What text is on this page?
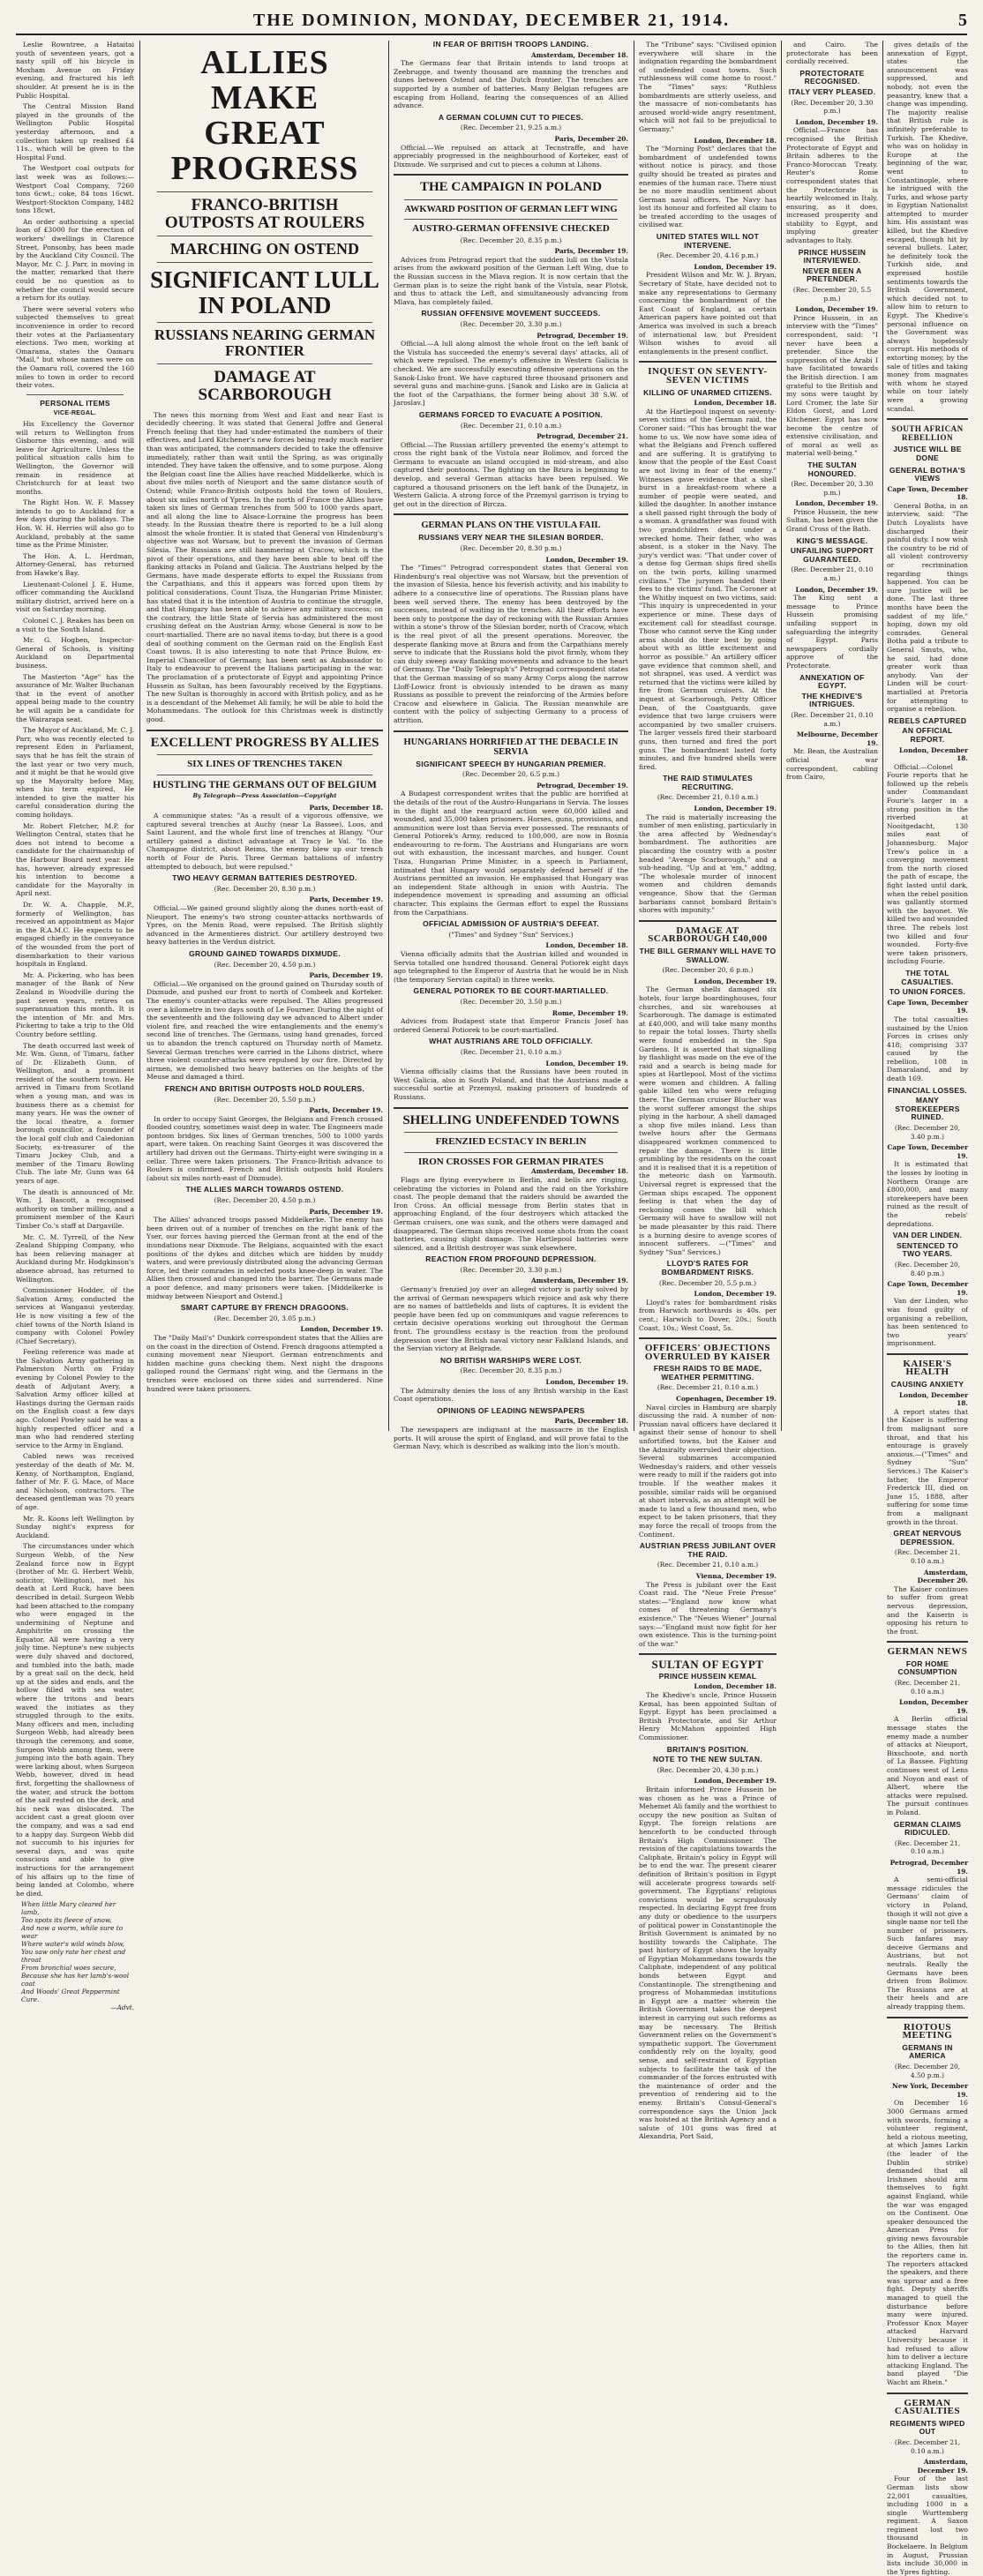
THE DOMINION, MONDAY, DECEMBER 21, 1914.	5

Leslie Rowntree, a Hataitai youth of seventeen years, got a nasty spill off his bicycle in Moxham Avenue on Friday evening, and fractured his left shoulder. At present he is in the Public Hospital.

The Central Mission Band played in the grounds of the Wellington Public Hospital yesterday afternoon, and a collection taken up realised £4 11s., which will be given to the Hospital Fund.

The Westport coal outputs for last week was as follows:—Westport Coal Company, 7260 tons 6cwt.; coke, 84 tons 16cwt. Westport-Stockton Company, 1482 tons 18cwt.

An order authorising a special loan of £3000 for the erection of workers' dwellings in Clarence Street, Ponsonby, has been made by the Auckland City Council. The Mayor, Mr. C. J. Parr, in moving in the matter, remarked that there could be no question as to whether the council would secure a return for its outlay.

There were several voters who subjected themselves to great inconvenience in order to record their votes at the Parliamentary elections. Two men, working at Omarama, states the Oamaru "Mail," but whose names were on the Oamaru roll, covered the 160 miles to town in order to record their votes.

PERSONAL ITEMS
VICE-REGAL.

His Excellency the Governor will return to Wellington from Gisborne this evening, and will leave for Agriculture. Unless the political situation calls him to Wellington, the Governor will remain in residence at Christchurch for at least two months.

The Right Hon. W. F. Massey intends to go to Auckland for a few days during the holidays. The Hon. W. H. Herries will also go to Auckland, probably at the same time as the Prime Minister.

The Hon. A. L. Herdman, Attorney-General, has returned from Hawke's Bay.

Lieutenant-Colonel J. E. Hume, officer commanding the Auckland military district, arrived here on a visit on Saturday morning.

Colonel C. J. Reakes has been on a visit to the South Island.

Mr. G. Hogben, Inspector-General of Schools, is visiting Auckland on Departmental business.

The Masterton "Age" has the assurance of Mr. Walter Buchanan that in the event of another appeal being made to the country he will again be a candidate for the Wairarapa seat.

The Mayor of Auckland, Mr. C. J. Parr, who was recently elected to represent Eden in Parliament, says that he has felt the strain of the last year or two very much, and it might be that he would give up the Mayoralty before May, when his term expired. He intended to give the matter his careful consideration during the coming holidays.

Mr. Robert Fletcher, M.P. for Wellington Central, states that he does not intend to become a candidate for the chairmanship of the Harbour Board next year. He has, however, already expressed his intention to become a candidate for the Mayoralty in April next.

Dr. W. A. Chapple, M.P., formerly of Wellington, has received an appointment as Major in the R.A.M.C. He expects to be engaged chiefly in the conveyance of the wounded from the port of disembarkation to their various hospitals in England.

Mr. A. Pickering, who has been manager of the Bank of New Zealand in Woodville during the past seven years, retires on superannuation this month. It is the intention of Mr. and Mrs. Pickering to take a trip to the Old Country before settling.

The death occurred last week of Mr. Wm. Gunn, of Timaru, father of Dr. Elizabeth Gunn, of Wellington, and a prominent resident of the southern town. He arrived in Timaru from Scotland when a young man, and was in business there as a chemist for many years. He was the owner of the local theatre, a former borough councillor, a founder of the local golf club and Caledonian Society, ex-treasurer of the Timaru Jockey Club, and a member of the Timaru Bowling Club. The late Mr. Gunn was 64 years of age.

The death is announced of Mr. Wm. J. Bascott, a recognised authority on timber milling, and a prominent member of the Kauri Timber Co.'s staff at Dargaville.

Mr. C. M. Tyrrell, of the New Zealand Shipping Company, who has been relieving manager at Auckland during Mr. Hodgkinson's absence abroad, has returned to Wellington.

Commissioner Hodder, of the Salvation Army, conducted the services at Wanganui yesterday. He is now visiting a few of the chief towns of the North Island in company with Colonel Powley (Chief Secretary).

Feeling reference was made at the Salvation Army gathering in Palmerston North on Friday evening by Colonel Powley to the death of Adjutant Avery, a Salvation Army officer killed at Hastings during the German raids on the English coast a few days ago. Colonel Powley said he was a highly respected officer and a man who had rendered sterling service to the Army in England.

Cabled news was received yesterday of the death of Mr. M. Kenny, of Northampton, England, father of Mr. F. G. Mace, of Mace and Nicholson, contractors. The deceased gentleman was 70 years of age.

Mr. R. Koons left Wellington by Sunday night's express for Auckland.

The circumstances under which Surgeon Webb, of the New Zealand force now in Egypt (brother of Mr. G. Herbert Webb, solicitor, Wellington), met his death at Lord Ruck, have been described in detail. Surgeon Webb had been attached to the company who were engaged in the undermining of Neptune and Amphitrite on crossing the Equator. All were having a very jolly time. Neptune's new subjects were duly shaved and doctored, and tumbled into the bath, made by a great sail on the deck, held up at the sides and ends, and the hollow filled with sea water, where the tritons and bears waved the initiates as they struggled through to the exits. Many officers and men, including Surgeon Webb, had already been through the ceremony, and some, Surgeon Webb among them, were jumping into the bath again. They were larking about, when Surgeon Webb, however, dived in head first, forgetting the shallowness of the water, and struck the bottom of the sail rested on the deck, and his neck was dislocated. The accident cast a great gloom over the company, and was a sad end to a happy day. Surgeon Webb did not succumb to his injuries for several days, and was quite conscious and able to give instructions for the arrangement of his affairs up to the time of being landed at Colombo, where he died.

When little Mary cleared her lamb,
Too spots its fleece of snow,
And now a worm, while sure to wear
Where water's wild winds blow,
You saw only rate her chest and throat
From bronchial woes secure,
Because she has her lamb's-wool coat
And Woods' Great Peppermint Cure.
—Advt.
ALLIES MAKE GREAT PROGRESS
FRANCO-BRITISH OUTPOSTS AT ROULERS
MARCHING ON OSTEND
SIGNIFICANT LULL IN POLAND
RUSSIANS NEARING GERMAN FRONTIER
DAMAGE AT SCARBOROUGH

The news this morning from West and East and near East is decidedly cheering. It was stated that General Joffre and General French feeling that they had under-estimated the numbers of their effectives, and Lord Kitchener's new forces being ready much earlier than was anticipated, the commanders decided to take the offensive immediately, rather than wait until the Spring, as was originally intended. They have taken the offensive, and to some purpose. Along the Belgian coast line the Allies have reached Middelkerke, which is about five miles north of Nieuport and the same distance south of Ostend; while Franco-British outposts hold the town of Roulers, about six miles north of Ypres. In the north of France the Allies have taken six lines of German trenches from 500 to 1000 yards apart, and all along the line to Alsace-Lorraine the progress has been steady. In the Russian theatre there is reported to be a lull along almost the whole frontier. It is stated that General von Hindenburg's objective was not Warsaw, but to prevent the invasion of German Silesia. The Russians are still hammering at Cracow, which is the pivot of their operations, and they have been able to beat off the flanking attacks in Poland and Galicia. The Austrians helped by the Germans, have made desperate efforts to expel the Russians from the Carpathians, and this it appears was forced upon them by political considerations. Count Tisza, the Hungarian Prime Minister, has stated that it is the intention of Austria to continue the struggle, and that Hungary has been able to achieve any military success; on the contrary, the little State of Servia has administered the most crushing defeat on the Austrian Army, whose General is now to be court-martialled. There are no naval items to-day, but there is a good deal of soothing comment on the German raid on the English East Coast towns. It is also interesting to note that Prince Bulow, ex-Imperial Chancellor of Germany, has been sent as Ambassador to Italy to endeavour to prevent the Italians participating in the war. The proclamation of a protectorate of Egypt and appointing Prince Hussein as Sultan, has been favourably received by the Egyptians. The new Sultan is thoroughly in accord with British policy, and as he is a descendant of the Mehemet Ali family, he will be able to hold the Mohammedans. The outlook for this Christmas week is distinctly good.

EXCELLENT PROGRESS BY ALLIES
SIX LINES OF TRENCHES TAKEN
HUSTLING THE GERMANS OUT OF BELGIUM
By Telegraph—Press Association—Copyright
Paris, December 18.

A communique states: "As a result of a vigorous offensive, we captured several trenches at Auchy (near La Bassee), Loos, and Saint Laurent, and the whole first line of trenches at Blangy. "Our artillery gained a distinct advantage at Tracy le Val. "In the Champagne district, about Reims, the enemy blew up our trench north of Four de Paris. Three German battalions of infantry attempted to debouch, but were repulsed."

TWO HEAVY GERMAN BATTERIES DESTROYED.
(Rec. December 20, 8.30 p.m.)
Paris, December 19.

Official.—We gained ground slightly along the dunes north-east of Nieuport. The enemy's two strong counter-attacks northwards of Ypres, on the Menin Road, were repulsed. The British slightly advanced in the Armentieres district. Our artillery destroyed two heavy batteries in the Verdun district.

GROUND GAINED TOWARDS DIXMUDE.
(Rec. December 20, 4.50 p.m.)
Paris, December 19.

Official.—We organised on the ground gained on Thursday south of Dixmude, and pushed our front to north of Combeek and Korteker. The enemy's counter-attacks were repulsed. The Allies progressed over a kilometre in two days south of Le Fourner. During the night of the seventeenth and the following day we advanced to Albert under violent fire, and reached the wire entanglements and the enemy's second line of trenches. The Germans, using hand grenades, forced us to abandon the trench captured on Thursday north of Mametz. Several German trenches were carried in the Lihons district, where three violent counter-attacks were repulsed by our fire. Directed by airmen, we demolished two heavy batteries on the heights of the Meuse and damaged a third.

FRENCH AND BRITISH OUTPOSTS HOLD ROULERS.
(Rec. December 20, 5.50 p.m.)
Paris, December 19.

In order to occupy Saint Georges, the Belgians and French crossed flooded country, sometimes waist deep in water. The Engineers made pontoon bridges. Six lines of German trenches, 500 to 1000 yards apart, were taken. On reaching Saint Georges it was discovered the artillery had driven out the Germans. Thirty-eight were swinging in a cellar. Three were taken prisoners. The Franco-British advance to Roulers is confirmed. French and British outposts hold Roulers (about six miles north-east of Dixmude).

THE ALLIES MARCH TOWARDS OSTEND.
(Rec. December 20, 4.50 p.m.)
Paris, December 19.

The Allies' advanced troops passed Middelkerke. The enemy has been driven out of a number of trenches on the right bank of the Yser, our forces having pierced the German front at the end of the inundations near Dixmude. The Belgians, acquainted with the exact positions of the dykes and ditches which are hidden by muddy waters, and were previously distributed along the advancing German force, led their comrades in selected posts knee-deep in water. The Allies then crossed and changed into the barrier. The Germans made a poor defence, and many prisoners were taken. [Middelkerke is midway between Nieuport and Ostend.]

SMART CAPTURE BY FRENCH DRAGOONS.
(Rec. December 20, 3.05 p.m.)
London, December 19.

The "Daily Mail's" Dunkirk correspondent states that the Allies are on the coast in the direction of Ostend. French dragoons attempted a cunning movement near Nieuport. German entrenchments and hidden machine guns checking them. Next night the dragoons galloped round the Germans' right wing, and the Germans in the trenches were enclosed on three sides and surrendered. Nine hundred were taken prisoners.

IN FEAR OF BRITISH TROOPS LANDING.
Amsterdam, December 18.

The Germans fear that Britain intends to land troops at Zeebrugge, and twenty thousand are manning the trenches and dunes between Ostend and the Dutch frontier. The trenches are supported by a number of batteries. Many Belgian refugees are escaping from Holland, fearing the consequences of an Allied advance.

A GERMAN COLUMN CUT TO PIECES.
(Rec. December 21, 9.25 a.m.)
Paris, December 20.

Official.—We repulsed an attack at Tecnstraffe, and have appreciably progressed in the neighbourhood of Korteker, east of Dixmude. We surprised and cut to pieces a column at Lihons.

THE CAMPAIGN IN POLAND
AWKWARD POSITION OF GERMAN LEFT WING
AUSTRO-GERMAN OFFENSIVE CHECKED
(Rec. December 20, 8.35 p.m.)
Paris, December 19.

Advices from Petrograd report that the sudden lull on the Vistula arises from the awkward position of the German Left Wing, due to the Russian success in the Mlava region. It is now certain that the German plan is to seize the right bank of the Vistula, near Plotsk, and thus to attack the Left, and simultaneously advancing from Mlava, has completely failed.

RUSSIAN OFFENSIVE MOVEMENT SUCCEEDS.
(Rec. December 20, 3.30 p.m.)
Petrograd, December 19.

Official.—A lull along almost the whole front on the left bank of the Vistula has succeeded the enemy's several days' attacks, all of which were repulsed. The enemy's offensive in Western Galicia is checked. We are successfully executing offensive operations on the Sanok-Lisko front. We have captured three thousand prisoners and several guns and machine-guns. [Sanok and Lisko are in Galicia at the foot of the Carpathians, the former being about 38 S.W. of Jaroslav.]

GERMANS FORCED TO EVACUATE A POSITION.
(Rec. December 21, 0.10 a.m.)
Petrograd, December 21.

Official.—The Russian artillery prevented the enemy's attempt to cross the right bank of the Vistula near Bolimov, and forced the Germans to evacuate an island occupied in mid-stream, and also captured their pontoons. The fighting on the Bzura is beginning to develop, and several German attacks have been repulsed. We captured a thousand prisoners on the left bank of the Dunajetz, in Western Galicia. A strong force of the Przemysl garrison is trying to get out in the direction of Bircza.

GERMAN PLANS ON THE VISTULA FAIL
RUSSIANS VERY NEAR THE SILESIAN BORDER.
(Rec. December 20, 8.30 p.m.)
London, December 19.

The "Times'" Petrograd correspondent states that General von Hindenburg's real objective was not Warsaw, but the prevention of the invasion of Silesia, hence his feverish activity, and his inability to adhere to a consecutive line of operations. The Russian plans have been well served there. The enemy has been destroyed by the successes, instead of waiting in the trenches. All their efforts have been only to postpone the day of reckoning with the Russian Armies within a stone's throw of the Silesian border, north of Cracow, which is the real pivot of all the present operations. Moreover, the desperate flanking move at Bzura and from the Carpathians merely serve to indicate that the Russians hold the pivot firmly, whom they can duly sweep away flanking movements and advance to the heart of Germany. The "Daily Telegraph's" Petrograd correspondent states that the German massing of so many Army Corps along the narrow Lloff-Lowicz front is obviously intended to be drawn as many Russians as possible to prevent the reinforcing of the Armies before Cracow and elsewhere in Galicia. The Russian meanwhile are content with the policy of subjecting Germany to a process of attrition.

HUNGARIANS HORRIFIED AT THE DEBACLE IN SERVIA
SIGNIFICANT SPEECH BY HUNGARIAN PREMIER.
(Rec. December 20, 6.5 p.m.)
Petrograd, December 19.

A Budapest correspondent writes that the public are horrified at the details of the rout of the Austro-Hungarians in Servia. The losses in the flight and the rearguard action were 60,000 killed and wounded, and 35,000 taken prisoners. Horses, guns, provisions, and ammunition were lost than Servia ever possessed. The remnants of General Potiorek's Army, reduced to 100,000, are now in Bosnia endeavouring to re-form. The Austrians and Hungarians are worn out with exhaustion, the incessant marches, and hunger. Count Tisza, Hungarian Prime Minister, in a speech in Parliament, intimated that Hungary would separately defend herself if the Austrians permitted an invasion. He emphasised that Hungary was an independent State although in union with Austria. The independence movement is spreading and assuming an official character. This explains the German effort to expel the Russians from the Carpathians.

OFFICIAL ADMISSION OF AUSTRIA'S DEFEAT.
("Times" and Sydney "Sun" Services.)
London, December 18.

Vienna officially admits that the Austrian killed and wounded in Servia totalled one hundred thousand. General Potiorek eight days ago telegraphed to the Emperor of Austria that he would be in Nish (the temporary Servian capital) in three weeks.

GENERAL POTIOREK TO BE COURT-MARTIALLED.
(Rec. December 20, 3.50 p.m.)
Rome, December 19.

Advices from Budapest state that Emperor Francis Josef has ordered General Potiorek to be court-martialled.

WHAT AUSTRIANS ARE TOLD OFFICIALLY.
(Rec. December 21, 0.10 a.m.)
London, December 19.

Vienna officially claims that the Russians have been routed in West Galicia, also in South Poland, and that the Austrians made a successful sortie at Przemysl, making prisoners of hundreds of Russians.

SHELLING UNDEFENDED TOWNS
FRENZIED ECSTACY IN BERLIN
IRON CROSSES FOR GERMAN PIRATES
Amsterdam, December 18.

Flags are flying everywhere in Berlin, and bells are ringing, celebrating the victories in Poland and the raid on the Yorkshire coast. The people demand that the raiders should be awarded the Iron Cross. An official message from Berlin states that in approaching England, of the four destroyers which attacked the German cruisers, one was sunk, and the others were damaged and disappeared. The German ships received some shots from the coast batteries, causing slight damage. The Hartlepool batteries were silenced, and a British destroyer was sunk elsewhere.

REACTION FROM PROFOUND DEPRESSION.
(Rec. December 20, 3.30 p.m.)
Amsterdam, December 19.

Germany's frenzied joy over an alleged victory is partly solved by the arrival of German newspapers which rejoice and ask why there are no names of battlefields and lists of captures. It is evident the people have been fed up on communiques and vague references to certain decisive operations working out throughout the German front. The groundless ecstasy is the reaction from the profound depression over the British naval victory near Falkland Islands, and the Servian victory at Belgrade.

NO BRITISH WARSHIPS WERE LOST.
(Rec. December 20, 8.35 p.m.)
London, December 19.

The Admiralty denies the loss of any British warship in the East Coast operations.

OPINIONS OF LEADING NEWSPAPERS
Paris, December 18.

The newspapers are indignant at the massacre in the English ports. It will arouse the spirit of England, and will prove fatal to the German Navy, which is described as walking into the lion's mouth.

The "Tribune" says: "Civilised opinion everywhere will share in the indignation regarding the bombardment of undefended coast towns. Such ruthlessness will come home to roost." The "Times" says: "Ruthless bombardments are utterly useless, and the massacre of non-combatants has aroused world-wide angry resentment, which will not fail to be prejudicial to Germany."

London, December 18.

The "Morning Post" declares that the bombardment of undefended towns without notice is piracy, and those guilty should be treated as pirates and enemies of the human race. There must be no more maudlin sentiment about German naval officers. The Navy has lost its honour and forfeited all claim to be treated according to the usages of civilised war.

UNITED STATES WILL NOT INTERVENE.
(Rec. December 20, 4.16 p.m.)
London, December 19.

President Wilson and Mr. W. J. Bryan, Secretary of State, have decided not to make any representations to Germany concerning the bombardment of the East Coast of England, as certain American papers have pointed out that America was involved in such a breach of international law, but President Wilson wishes to avoid all entanglements in the present conflict.

INQUEST ON SEVENTY-SEVEN VICTIMS
KILLING OF UNARMED CITIZENS.
London, December 18.

At the Hartlepool inquest on seventy-seven victims of the German raid, the Coroner said: "This has brought the war home to us. We now have some idea of what the Belgians and French suffered and are suffering. It is gratifying to know that the people of the East Coast are not living in fear of the enemy." Witnesses gave evidence that a shell burst in a breakfast-room where a number of people were seated, and killed the daughter. In another instance a shell passed right through the body of a woman. A grandfather was found with two grandchildren dead under a wrecked home. Their father, who was absent, is a stoker in the Navy. The jury's verdict was: "That under cover of a dense fog German ships fired shells on the twin ports, killing unarmed civilians." The jurymen handed their fees to the victims' fund. The Coroner at the Whitby inquest on two victims, said: "This inquiry is unprecedented in your experience or mine. These days of excitement call for steadfast courage. Those who cannot serve the King under arms should do their best by going about with as little excitement and horror as possible." An artillery officer gave evidence that common shell, and not shrapnel, was used. A verdict was returned that the victims were killed by fire from German cruisers. At the inquest at Scarborough, Petty Officer Dean, of the Coastguards, gave evidence that two large cruisers were accompanied by two smaller cruisers. The larger vessels fired their starboard guns, then turned and fired the port guns. The bombardment lasted forty minutes, and five hundred shells were fired.

THE RAID STIMULATES RECRUITING.
(Rec. December 21, 0.10 a.m.)
London, December 19.

The raid is materially increasing the number of men enlisting, particularly in the area affected by Wednesday's bombardment. The authorities are placarding the country with a poster headed "Avenge Scarborough," and a sub-heading, "Up and at 'em," adding, "The wholesale murder of innocent women and children demands vengeance. Show that the German barbarians cannot bombard Britain's shores with impunity."

DAMAGE AT SCARBOROUGH £40,000
THE BILL GERMANY WILL HAVE TO SWALLOW.
(Rec. December 20, 6 p.m.)
London, December 19.

The German shells damaged six hotels, four large boardinghouses, four churches, and six warehouses at Scarborough. The damage is estimated at £40,000, and will take many months to repair the total losses. Thirty shells were found embedded in the Spa Gardens. It is asserted that signalling by flashlight was made on the eve of the raid and a search is being made for spies at Hartlepool. Most of the victims were women and children. A falling gable killed ten who were refuging there. The German cruiser Blucher was the worst sufferer amongst the ships plying in the harbour. A shell damaged a shop five miles inland. Less than twelve hours after the Germans disappeared workmen commenced to repair the damage. There is little grumbling by the residents on the coast and it is realised that it is a repetition of the meteoric dash on Yarmouth. Universal regret is expressed that the German ships escaped. The opponent feeling is that when the day of reckoning comes the bill which Germany will have to swallow will not be made pleasanter by this raid. There is a burning desire to avenge scores of innocent sufferers. —("Times" and Sydney "Sun" Services.)

LLOYD'S RATES FOR BOMBARDMENT RISKS.
(Rec. December 20, 5.5 p.m.)
London, December 19.

Lloyd's rates for bombardment risks from Harwich northwards is 40s. per cent.; Harwich to Dover, 20s.; South Coast, 10s.; West Coast, 5s.

OFFICERS' OBJECTIONS OVERRULED BY KAISER
FRESH RAIDS TO BE MADE, WEATHER PERMITTING.
(Rec. December 21, 0.10 a.m.)
Copenhagen, December 19.

Naval circles in Hamburg are sharply discussing the raid. A number of non-Prussian naval officers have declared it against their sense of honour to shell unfortified towns, but the Kaiser and the Admiralty overruled their objection. Several submarines accompanied Wednesday's raiders, and other vessels were ready to mill if the raiders got into trouble. If the weather makes it possible, similar raids will be organised at short intervals, as an attempt will be made to land a few thousand men, who expect to be taken prisoners, that they may force the recall of troops from the Continent.

AUSTRIAN PRESS JUBILANT OVER THE RAID.
(Rec. December 21, 0.10 a.m.)
Vienna, December 19.

The Press is jubilant over the East Coast raid. The "Neue Freie Presse" states:—"England now know what comes of threatening Germany's existence." The "Neues Wiener" Journal says:—"England must now fight for her own existence. This is the turning-point of the war."

SULTAN OF EGYPT
PRINCE HUSSEIN KEMAL
London, December 18.

The Khedive's uncle, Prince Hussein Kemal, has been appointed Sultan of Egypt. Egypt has been proclaimed a British Protectorate, and Sir Arthur Henry McMahon appointed High Commissioner.

BRITAIN'S POSITION.
NOTE TO THE NEW SULTAN.
(Rec. December 20, 4.30 p.m.)
London, December 19.

Britain informed Prince Hussein he was chosen as he was a Prince of Mehemet Ali family and the worthiest to occupy the new position as Sultan of Egypt. The foreign relations are henceforth to be conducted through Britain's High Commissioner. The revision of the capitulations towards the Caliphate, Britain's policy in Egypt will be to end the war. The present clearer definition of Britain's position in Egypt will accelerate progress towards self-government. The Egyptians' religious convictions would be scrupulously respected. In declaring Egypt free from any duty or obedience to the usurpers of political power in Constantinople the British Government is animated by no hostility towards the Caliphate. The past history of Egypt shows the loyalty of Egyptian Mohammedans towards the Caliphate, independent of any political bonds between Egypt and Constantinople. The strengthening and progress of Mohammedan institutions in Egypt are a matter wherein the British Government takes the deepest interest in carrying out such reforms as may be necessary. The British Government relies on the Government's sympathetic support. The Government confidently rely on the loyalty, good sense, and self-restraint of Egyptian subjects to facilitate the task of the commander of the forces entrusted with the maintenance of order and the prevention of rendering aid to the enemy. Britain's Consul-General's correspondence says the Union Jack was hoisted at the British Agency and a salute of 101 guns was fired at Alexandria, Port Said,

and Cairo. The protectorate has been cordially received.

PROTECTORATE RECOGNISED.
ITALY VERY PLEASED.
(Rec. December 20, 3.30 p.m.)
London, December 19.

Official.—France has recognised the British Protectorate of Egypt and Britain adheres to the Franco-Moroccan Treaty. Reuter's Rome correspondent states that the Protectorate is heartily welcomed in Italy, ensuring, as it does, increased prosperity and stability to Egypt, and implying greater advantages to Italy.

PRINCE HUSSEIN INTERVIEWED.
NEVER BEEN A PRETENDER.
(Rec. December 20, 5.5 p.m.)
London, December 19.

Prince Hussein, in an interview with the "Times" correspondent, said: "I never have been a pretender. Since the suppression of the Arabi I have facilitated towards the British direction. I am grateful to the British and my sons were taught by Lord Cromer, the late Sir Eldon Gorst, and Lord Kitchener. Egypt has now become the centre of extensive civilisation, and of moral as well as material well-being."

THE SULTAN HONOURED.
(Rec. December 20, 3.30 p.m.)
London, December 19.

Prince Hussein, the new Sultan, has been given the Grand Cross of the Bath.

KING'S MESSAGE.
UNFAILING SUPPORT GUARANTEED.
(Rec. December 21, 0.10 a.m.)
London, December 19.

The King sent a message to Prince Hussein promising unfailing support in safeguarding the integrity of Egypt. Paris newspapers cordially approve of the Protectorate.

ANNEXATION OF EGYPT.
THE KHEDIVE'S INTRIGUES.
(Rec. December 21, 0.10 a.m.)
Melbourne, December 19.

Mr. Bean, the Australian official war correspondent, cabling from Cairo,

gives details of the annexation of Egypt, states the announcement was suppressed, and nobody, not even the peasantry, knew that a change was impending. The majority realise that British rule is infinitely preferable to Turkish. The Khedive, who was on holiday in Europe at the beginning of the war, went to Constantinople, where he intrigued with the Turks, and whose party in Egyptian Nationalist attempted to murder him. His assistant was killed, but the Khedive escaped, though hit by several bullets. Later, he definitely took the Turkish side, and expressed hostile sentiments towards the British Government, which decided not to allow him to return to Egypt. The Khedive's personal influence on the Government was always hopelessly corrupt. His methods of extorting money, by the sale of titles and taking money from magnates with whom he stayed while on tour lately were a growing scandal.

SOUTH AFRICAN REBELLION
JUSTICE WILL BE DONE
GENERAL BOTHA'S VIEWS
Cape Town, December 18.

General Botha, in an interview, said: "The Dutch Loyalists have discharged their painful duty. I now wish the country to be rid of all violent controversy or recrimination regarding things happened. You can be sure justice will be done. The last three months have been the saddest of my life," hoping, down my old comrades. General Botha paid a tribute to General Smuts, who, he said, had done greater work than anybody. Van der Linden will be court-martialled at Pretoria for attempting to organise a rebellion.

REBELS CAPTURED
AN OFFICIAL REPORT.
London, December 18.

Official.—Colonel Fourie reports that he followed up the rebels under Commandant Fourie's larger in a strong position in the riverbed at Nooitgedacht, 130 miles east of Johannesburg. Major Trew's police in a converging movement from the north closed the path of escape, the fight lasted until dark, when the rebel position was gallantly stormed with the bayonet. We killed two and wounded three. The rebels lost two killed and four wounded. Forty-five were taken prisoners, including Fourie.

THE TOTAL CASUALTIES.
TO UNION FORCES.
Cape Town, December 19.

The total casualties sustained by the Union Forces in crises only 418; comprising 337 caused by the rebellion, 108 in Damaraland, and by death 169.

FINANCIAL LOSSES.
MANY STOREKEEPERS RUINED.
(Rec. December 20, 3.40 p.m.)
Cape Town, December 19.

It is estimated that the losses by looting in Northern Orange are £800,000, and many storekeepers have been ruined as the result of the rebels' depredations.

VAN DER LINDEN.
SENTENCED TO TWO YEARS.
(Rec. December 20, 8.40 p.m.)
Cape Town, December 19.

Van der Linden, who was found guilty of organising a rebellion, has been sentenced to two years' imprisonment.

KAISER'S HEALTH
CAUSING ANXIETY
London, December 18.

A report states that the Kaiser is suffering from malignant sore throat, and that his entourage is gravely anxious.—("Times" and Sydney "Sun" Services.) The Kaiser's father, the Emperor Frederick III, died on June 15, 1888, after suffering for some time from a malignant growth in the throat.

GREAT NERVOUS DEPRESSION.
(Rec. December 21, 0.10 a.m.)
Amsterdam, December 20.

The Kaiser continues to suffer from great nervous depression, and the Kaiserin is opposing his return to the front.

GERMAN NEWS
FOR HOME CONSUMPTION
(Rec. December 21, 0.10 a.m.)
London, December 19.

A Berlin official message states the enemy made a number of attacks at Nieuport, Bixschoote, and north of La Bassee. Fighting continues west of Lens and Noyon and east of Albert, where the attacks were repulsed. The pursuit continues in Poland.

GERMAN CLAIMS RIDICULED.
(Rec. December 21, 0.10 a.m.)
Petrograd, December 19.

A semi-official message ridicules the Germans' claim of victory in Poland, though it will not give a single name nor tell the number of prisoners. Such fanfares may deceive Germans and Austrians, but not neutrals. Really the Germans have been driven from Bolimov. The Russians are at their heels and are already trapping them.

RIOTOUS MEETING
GERMANS IN AMERICA
(Rec. December 20, 4.50 p.m.)
New York, December 19.

On December 16 3000 Germans armed with swords, forming a volunteer regiment, held a riotous meeting, at which James Larkin (the leader of the Dublin strike) demanded that all Irishmen should arm themselves to fight against England, while the war was engaged on the Continent. One speaker denounced the American Press for giving news favourable to the Allies, then hit the reporters came in. The reporters attacked the speakers, and there was uproar and a free fight. Deputy sheriffs managed to quell the disturbance before many were injured. Professor Knox Mayer attacked Harvard University because it had refused to allow him to deliver a lecture attacking England. The band played "Die Wacht am Rhein."

GERMAN CASUALTIES
REGIMENTS WIPED OUT
(Rec. December 21, 0.10 a.m.)
Amsterdam, December 19.

Four of the last German lists show 22,001 casualties, including 1000 in a single Wurttemberg regiment. A Saxon regiment lost two thousand in Bockelaere. In Belgium in August, Prussian lists include 30,000 in the Ypres fighting.
